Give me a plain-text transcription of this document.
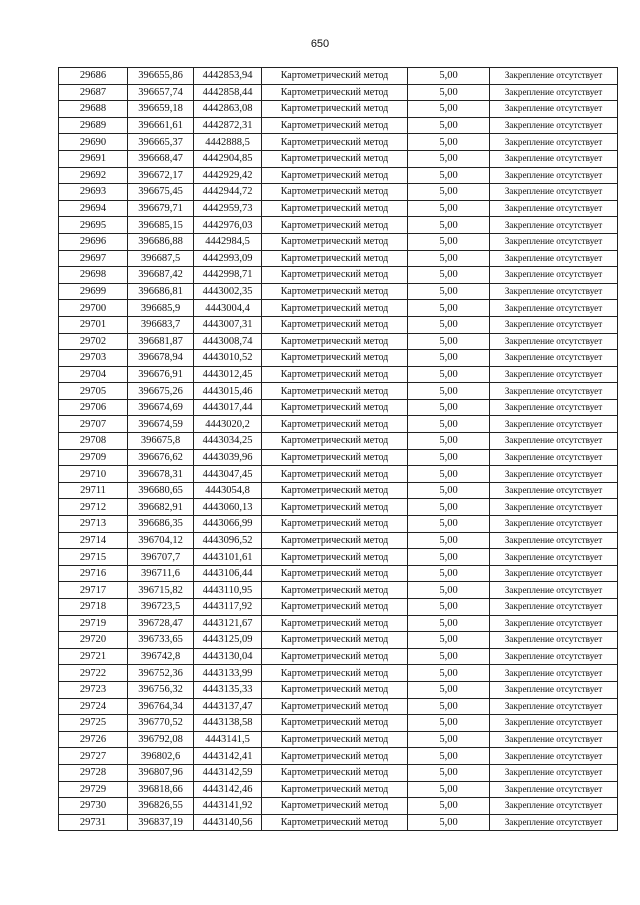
650
29686	396655,86	4442853,94	Картометрический метод	5,00	Закрепление отсутствует
29687	396657,74	4442858,44	Картометрический метод	5,00	Закрепление отсутствует
29688	396659,18	4442863,08	Картометрический метод	5,00	Закрепление отсутствует
29689	396661,61	4442872,31	Картометрический метод	5,00	Закрепление отсутствует
29690	396665,37	4442888,5	Картометрический метод	5,00	Закрепление отсутствует
29691	396668,47	4442904,85	Картометрический метод	5,00	Закрепление отсутствует
29692	396672,17	4442929,42	Картометрический метод	5,00	Закрепление отсутствует
29693	396675,45	4442944,72	Картометрический метод	5,00	Закрепление отсутствует
29694	396679,71	4442959,73	Картометрический метод	5,00	Закрепление отсутствует
29695	396685,15	4442976,03	Картометрический метод	5,00	Закрепление отсутствует
29696	396686,88	4442984,5	Картометрический метод	5,00	Закрепление отсутствует
29697	396687,5	4442993,09	Картометрический метод	5,00	Закрепление отсутствует
29698	396687,42	4442998,71	Картометрический метод	5,00	Закрепление отсутствует
29699	396686,81	4443002,35	Картометрический метод	5,00	Закрепление отсутствует
29700	396685,9	4443004,4	Картометрический метод	5,00	Закрепление отсутствует
29701	396683,7	4443007,31	Картометрический метод	5,00	Закрепление отсутствует
29702	396681,87	4443008,74	Картометрический метод	5,00	Закрепление отсутствует
29703	396678,94	4443010,52	Картометрический метод	5,00	Закрепление отсутствует
29704	396676,91	4443012,45	Картометрический метод	5,00	Закрепление отсутствует
29705	396675,26	4443015,46	Картометрический метод	5,00	Закрепление отсутствует
29706	396674,69	4443017,44	Картометрический метод	5,00	Закрепление отсутствует
29707	396674,59	4443020,2	Картометрический метод	5,00	Закрепление отсутствует
29708	396675,8	4443034,25	Картометрический метод	5,00	Закрепление отсутствует
29709	396676,62	4443039,96	Картометрический метод	5,00	Закрепление отсутствует
29710	396678,31	4443047,45	Картометрический метод	5,00	Закрепление отсутствует
29711	396680,65	4443054,8	Картометрический метод	5,00	Закрепление отсутствует
29712	396682,91	4443060,13	Картометрический метод	5,00	Закрепление отсутствует
29713	396686,35	4443066,99	Картометрический метод	5,00	Закрепление отсутствует
29714	396704,12	4443096,52	Картометрический метод	5,00	Закрепление отсутствует
29715	396707,7	4443101,61	Картометрический метод	5,00	Закрепление отсутствует
29716	396711,6	4443106,44	Картометрический метод	5,00	Закрепление отсутствует
29717	396715,82	4443110,95	Картометрический метод	5,00	Закрепление отсутствует
29718	396723,5	4443117,92	Картометрический метод	5,00	Закрепление отсутствует
29719	396728,47	4443121,67	Картометрический метод	5,00	Закрепление отсутствует
29720	396733,65	4443125,09	Картометрический метод	5,00	Закрепление отсутствует
29721	396742,8	4443130,04	Картометрический метод	5,00	Закрепление отсутствует
29722	396752,36	4443133,99	Картометрический метод	5,00	Закрепление отсутствует
29723	396756,32	4443135,33	Картометрический метод	5,00	Закрепление отсутствует
29724	396764,34	4443137,47	Картометрический метод	5,00	Закрепление отсутствует
29725	396770,52	4443138,58	Картометрический метод	5,00	Закрепление отсутствует
29726	396792,08	4443141,5	Картометрический метод	5,00	Закрепление отсутствует
29727	396802,6	4443142,41	Картометрический метод	5,00	Закрепление отсутствует
29728	396807,96	4443142,59	Картометрический метод	5,00	Закрепление отсутствует
29729	396818,66	4443142,46	Картометрический метод	5,00	Закрепление отсутствует
29730	396826,55	4443141,92	Картометрический метод	5,00	Закрепление отсутствует
29731	396837,19	4443140,56	Картометрический метод	5,00	Закрепление отсутствует
